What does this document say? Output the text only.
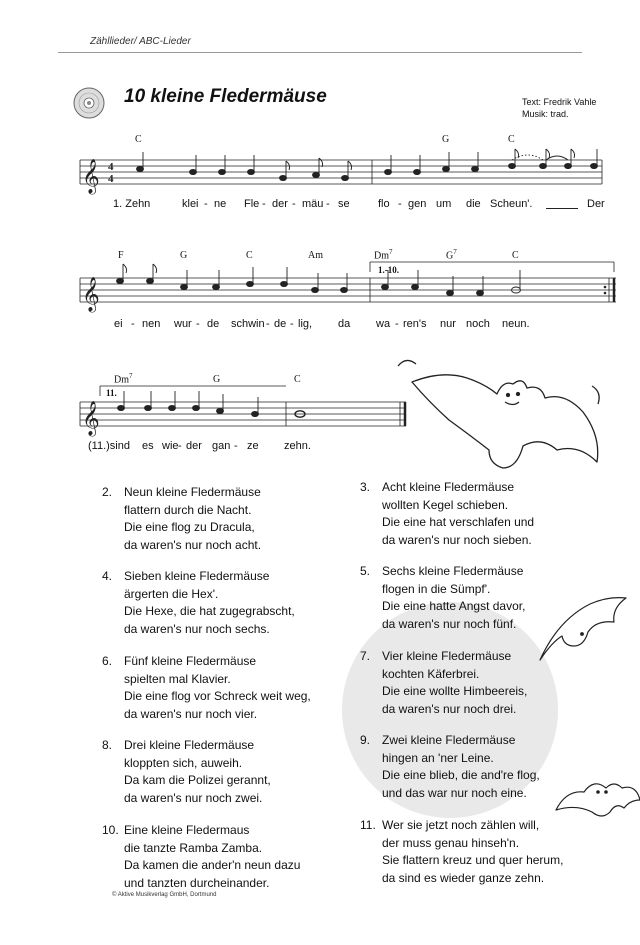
Zähllieder/ ABC-Lieder
10 kleine Fledermäuse	Text: Fredrik Vahle
Musik: trad.
𝄞
𝄞
𝄞
4
4
C	G	C
F	G	C	Am	Dm$^7$	$G^7$	C
1.-10.
Dm$^7$	G	C
11.
1. Zehn	klei - ne Fle - der - mäu - se	flo - gen um die Scheun'.	Der
ei - nen wur - de schwin - de - lig, da wa - ren's nur noch neun.
(11.)sind es wie - der gan - ze zehn.
2. Neun kleine Fledermäuse
flattern durch die Nacht.
Die eine flog zu Dracula,
da waren's nur noch acht.
4. Sieben kleine Fledermäuse
ärgerten die Hex'.
Die Hexe, die hat zugegrabscht,
da waren's nur noch sechs.
6. Fünf kleine Fledermäuse
spielten mal Klavier.
Die eine flog vor Schreck weit weg,
da waren's nur noch vier.
8. Drei kleine Fledermäuse
kloppten sich, auweih.
Da kam die Polizei gerannt,
da waren's nur noch zwei.
10. Eine kleine Fledermaus
die tanzte Ramba Zamba.
Da kamen die ander'n neun dazu
und tanzten durcheinander.
3. Acht kleine Fledermäuse
wollten Kegel schieben.
Die eine hat verschlafen und
da waren's nur noch sieben.
5. Sechs kleine Fledermäuse
flogen in die Sümpf'.
Die eine hatte Angst davor,
da waren's nur noch fünf.
7. Vier kleine Fledermäuse
kochten Käferbrei.
Die eine wollte Himbeereis,
da waren's nur noch drei.
9. Zwei kleine Fledermäuse
hingen an 'ner Leine.
Die eine blieb, die and're flog,
und das war nur noch eine.
11. Wer sie jetzt noch zählen will,
der muss genau hinseh'n.
Sie flattern kreuz und quer herum,
da sind es wieder ganze zehn.
© Aktive Musikverlag GmbH, Dortmund
